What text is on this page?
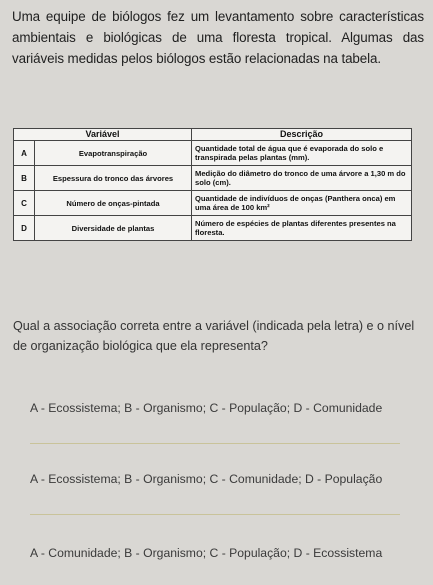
Uma equipe de biólogos fez um levantamento sobre características ambientais e biológicas de uma floresta tropical. Algumas das variáveis medidas pelos biólogos estão relacionadas na tabela.
Variável		Descrição
A	Evapotranspiração	Quantidade total de água que é evaporada do solo e transpirada pelas plantas (mm).
B	Espessura do tronco das árvores	Medição do diâmetro do tronco de uma árvore a 1,30 m do solo (cm).
C	Número de onças-pintada	Quantidade de indivíduos de onças (Panthera onca) em uma área de 100 km²
D	Diversidade de plantas	Número de espécies de plantas diferentes presentes na floresta.
Qual a associação correta entre a variável (indicada pela letra) e o nível de organização biológica que ela representa?
A - Ecossistema; B - Organismo; C - População; D - Comunidade
A - Ecossistema; B - Organismo; C - Comunidade; D - População
A - Comunidade; B - Organismo; C - População; D - Ecossistema
